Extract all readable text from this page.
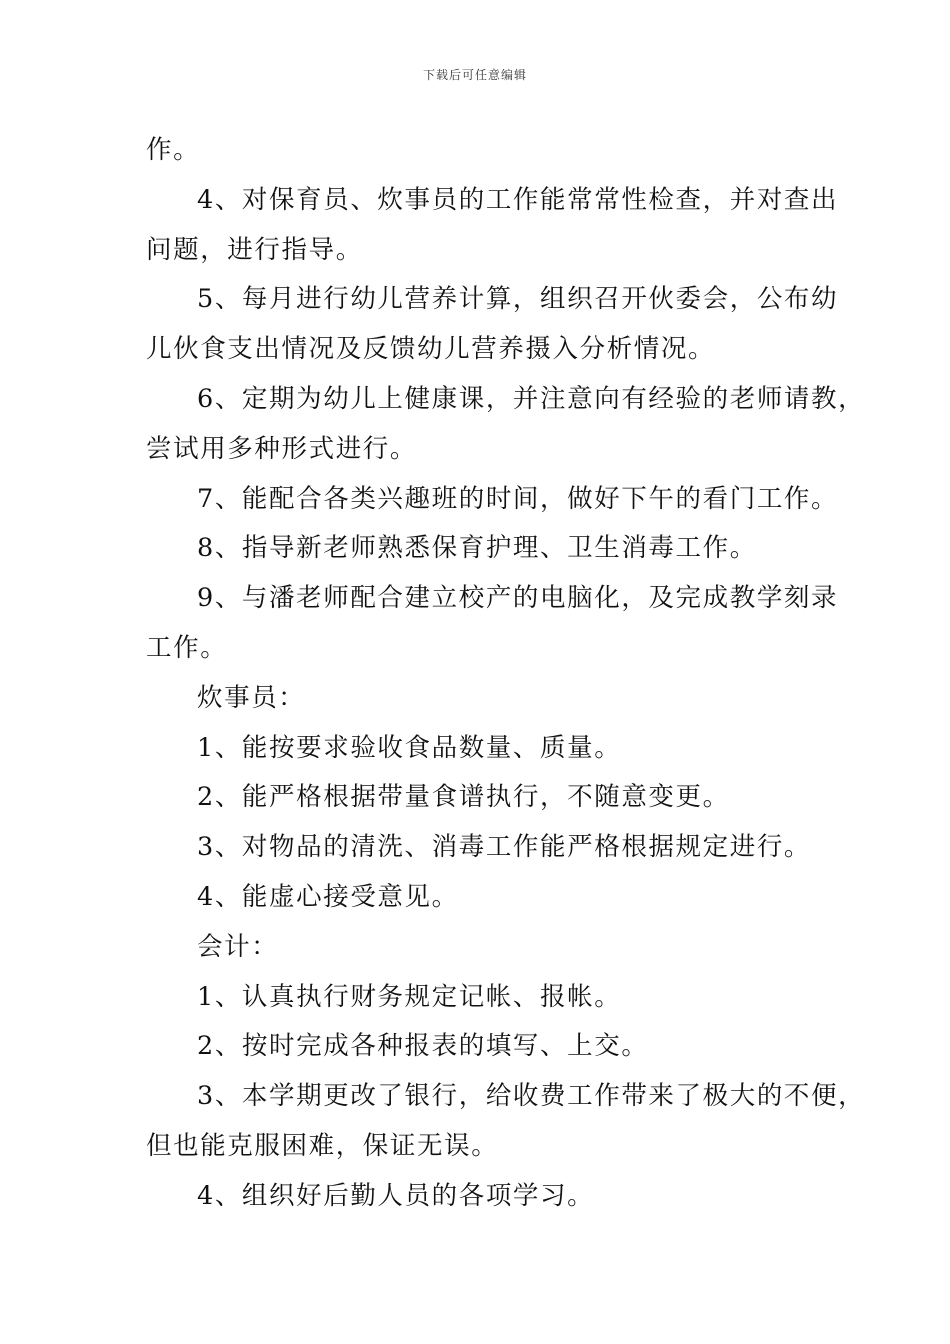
下载后可任意编辑

作。

4、对保育员、炊事员的工作能常常性检查，并对查出

问题，进行指导。

5、每月进行幼儿营养计算，组织召开伙委会，公布幼

儿伙食支出情况及反馈幼儿营养摄入分析情况。

6、定期为幼儿上健康课，并注意向有经验的老师请教，

尝试用多种形式进行。

7、能配合各类兴趣班的时间，做好下午的看门工作。

8、指导新老师熟悉保育护理、卫生消毒工作。

9、与潘老师配合建立校产的电脑化，及完成教学刻录

工作。

炊事员：

1、能按要求验收食品数量、质量。

2、能严格根据带量食谱执行，不随意变更。

3、对物品的清洗、消毒工作能严格根据规定进行。

4、能虚心接受意见。

会计：

1、认真执行财务规定记帐、报帐。

2、按时完成各种报表的填写、上交。

3、本学期更改了银行，给收费工作带来了极大的不便，

但也能克服困难，保证无误。

4、组织好后勤人员的各项学习。
